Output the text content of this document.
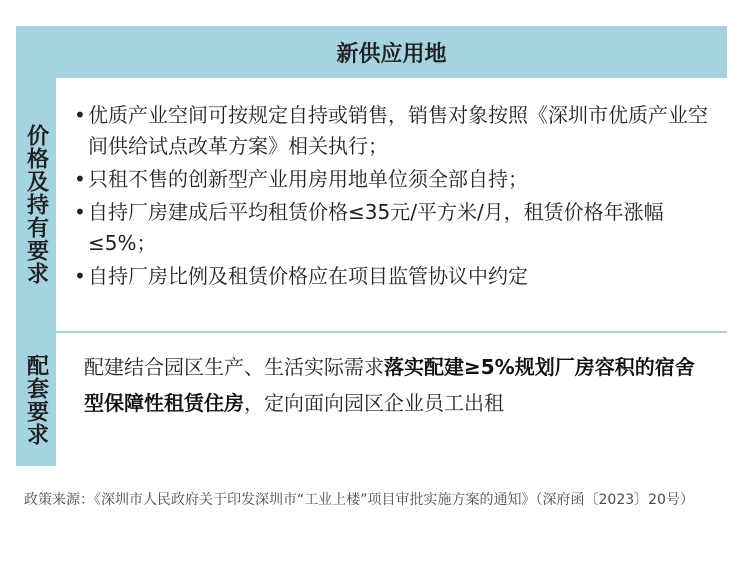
新供应用地
价格及持有要求
• 优质产业空间可按规定自持或销售，销售对象按照《深圳市优质产业空间供给试点改革方案》相关执行；
• 只租不售的创新型产业用房用地单位须全部自持；
• 自持厂房建成后平均租赁价格≤35元/平方米/月，租赁价格年涨幅≤5%；
• 自持厂房比例及租赁价格应在项目监管协议中约定
配套要求 配建结合园区生产、生活实际需求落实配建≥5%规划厂房容积的宿舍型保障性租赁住房，定向面向园区企业员工出租

政策来源：《深圳市人民政府关于印发深圳市“工业上楼”项目审批实施方案的通知》（深府函〔2023〕20号）
